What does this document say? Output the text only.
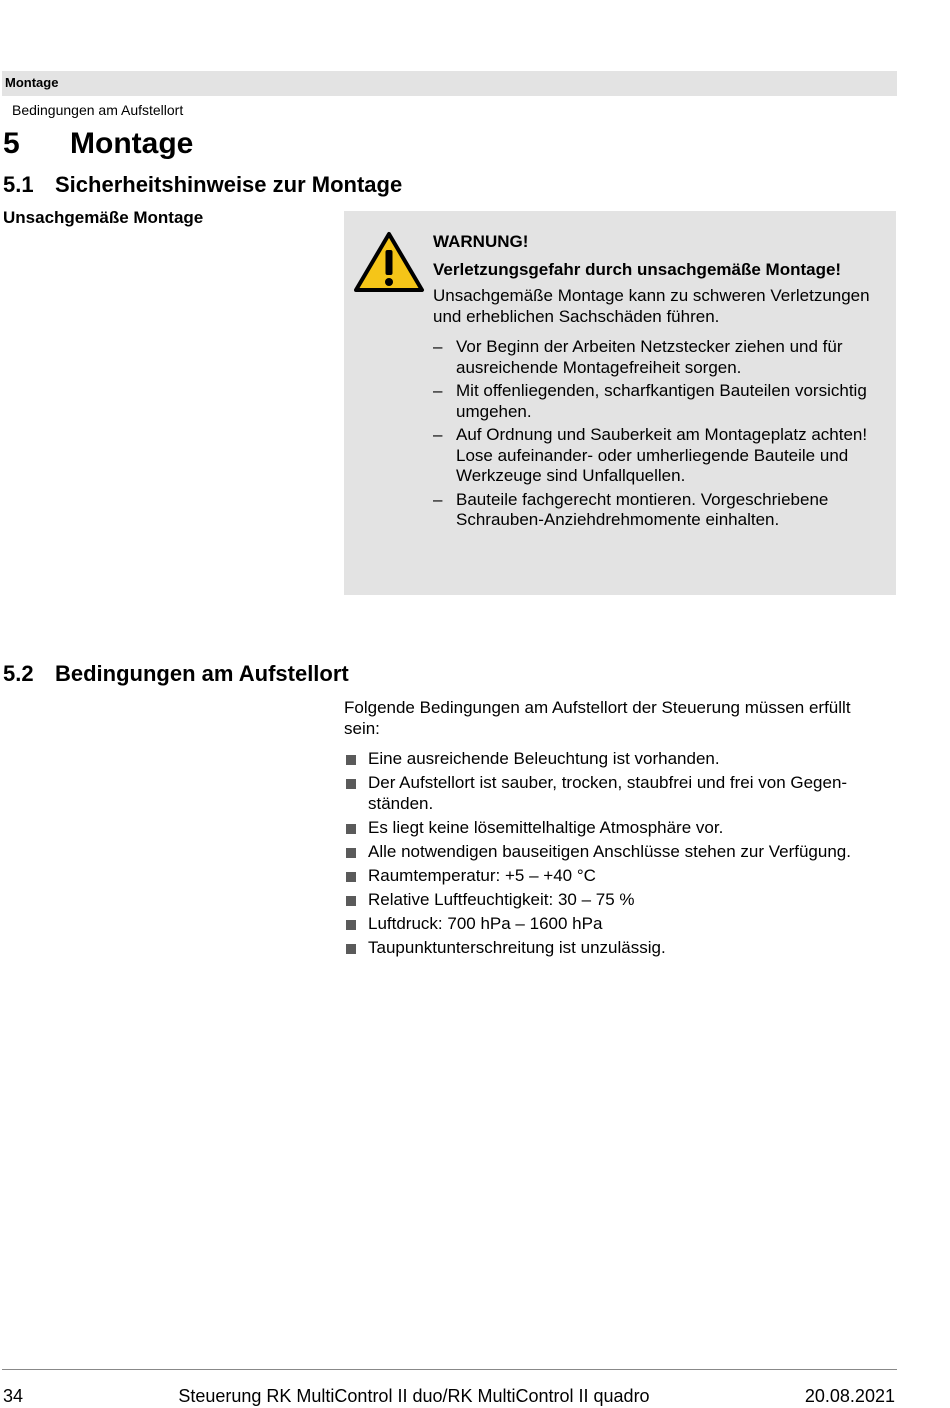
Montage
Bedingungen am Aufstellort
5	Montage
5.1 Sicherheitshinweise zur Montage
Unsachgemäße Montage
WARNUNG!
Verletzungsgefahr durch unsachgemäße Montage!
Unsachgemäße Montage kann zu schweren Verletzungen und erheblichen Sachschäden führen.
– Vor Beginn der Arbeiten Netzstecker ziehen und für ausreichende Montagefreiheit sorgen.
– Mit offenliegenden, scharfkantigen Bauteilen vorsichtig umgehen.
– Auf Ordnung und Sauberkeit am Montageplatz achten! Lose aufeinander- oder umherliegende Bauteile und Werkzeuge sind Unfallquellen.
– Bauteile fachgerecht montieren. Vorgeschriebene Schrauben-Anziehdrehmomente einhalten.
5.2 Bedingungen am Aufstellort
Folgende Bedingungen am Aufstellort der Steuerung müssen erfüllt sein:
Eine ausreichende Beleuchtung ist vorhanden.
Der Aufstellort ist sauber, trocken, staubfrei und frei von Gegenständen.
Es liegt keine lösemittelhaltige Atmosphäre vor.
Alle notwendigen bauseitigen Anschlüsse stehen zur Verfügung.
Raumtemperatur: +5 – +40 °C
Relative Luftfeuchtigkeit: 30 – 75 %
Luftdruck: 700 hPa – 1600 hPa
Taupunktunterschreitung ist unzulässig.
34	Steuerung RK MultiControl II duo/RK MultiControl II quadro	20.08.2021
